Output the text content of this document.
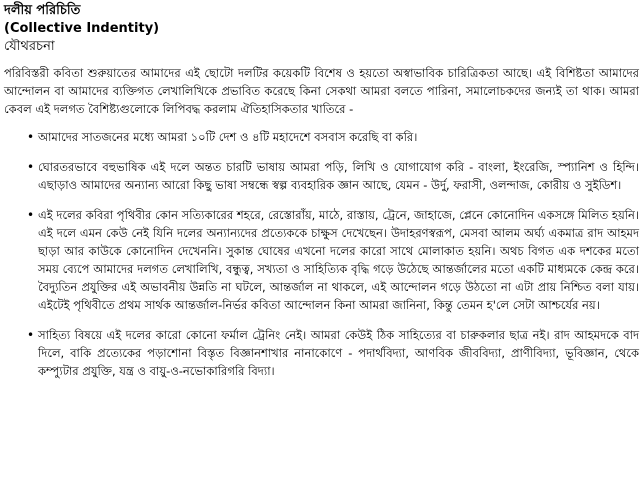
দলীয় পরিচিতি

(Collective Indentity)

যৌথরচনা

পরিবিস্তরী কবিতা শুরুয়াতের আমাদের এই ছোটো দলটির কয়েকটি বিশেষ ও হয়তো অস্বাভাবিক চারিত্রিকতা আছে। এই বিশিষ্টতা আমাদের আন্দোলন বা আমাদের ব্যক্তিগত লেখালিখিকে প্রভাবিত করেছে কিনা সেকথা আমরা বলতে পারিনা, সমালোচকদের জন্যই তা থাক। আমরা কেবল এই দলগত বৈশিষ্ট্যগুলোকে লিপিবদ্ধ করলাম ঐতিহাসিকতার খাতিরে -

• আমাদের সাতজনের মধ্যে আমরা ১০টি দেশ ও ৪টি মহাদেশে বসবাস করেছি বা করি।
• ঘোরতরভাবে বহুভাষিক এই দলে অন্তত চারটি ভাষায় আমরা পড়ি, লিখি ও যোগাযোগ করি - বাংলা, ইংরেজি, স্প্যানিশ ও হিন্দি। এছাড়াও আমাদের অন্যান্য আরো কিছু ভাষা সম্বন্ধে স্বল্প ব্যবহারিক জ্ঞান আছে, যেমন - উর্দু, ফরাসী, ওলন্দাজ, কোরীয় ও সুইডিশ।
• এই দলের কবিরা পৃথিবীর কোন সত্যিকারের শহরে, রেস্তোরাঁয়, মাঠে, রাস্তায়, ট্রেনে, জাহাজে, প্লেনে কোনোদিন একসঙ্গে মিলিত হয়নি। এই দলে এমন কেউ নেই যিনি দলের অন্যান্যদের প্রত্যেককে চাক্ষুস দেখেছেন। উদাহরণস্বরূপ, মেসবা আলম অর্ঘ্য একমাত্র রাদ আহমদ ছাড়া আর কাউকে কোনোদিন দেখেননি। সুকান্ত ঘোষের এখনো দলের কারো সাথে মোলাকাত হয়নি। অথচ বিগত এক দশকের মতো সময় ব্যেপে আমাদের দলগত লেখালিখি, বন্ধুত্ব, সখ্যতা ও সাহিত্যিক বৃদ্ধি গড়ে উঠেছে আন্তর্জালের মতো একটি মাধ্যমকে কেন্দ্র করে। বৈদ্যুতিন প্রযুক্তির এই অভাবনীয় উন্নতি না ঘটলে, আন্তর্জাল না থাকলে, এই আন্দোলন গড়ে উঠতো না এটা প্রায় নিশ্চিত বলা যায়। এইটেই পৃথিবীতে প্রথম সার্থক আন্তর্জাল-নির্ভর কবিতা আন্দোলন কিনা আমরা জানিনা, কিন্তু তেমন হ'লে সেটা আশ্চর্যের নয়।
• সাহিত্য বিষয়ে এই দলের কারো কোনো ফর্মাল ট্রেনিং নেই। আমরা কেউই ঠিক সাহিত্যের বা চারুকলার ছাত্র নই। রাদ আহমদকে বাদ দিলে, বাকি প্রত্যেকের পড়াশোনা বিস্তৃত বিজ্ঞানশাখার নানাকোণে - পদার্থবিদ্যা, আণবিক জীববিদ্যা, প্রাণীবিদ্যা, ভূবিজ্ঞান, থেকে কম্প্যুটার প্রযুক্তি, যন্ত্র ও বায়ু-ও-নভোকারিগরি বিদ্যা।
